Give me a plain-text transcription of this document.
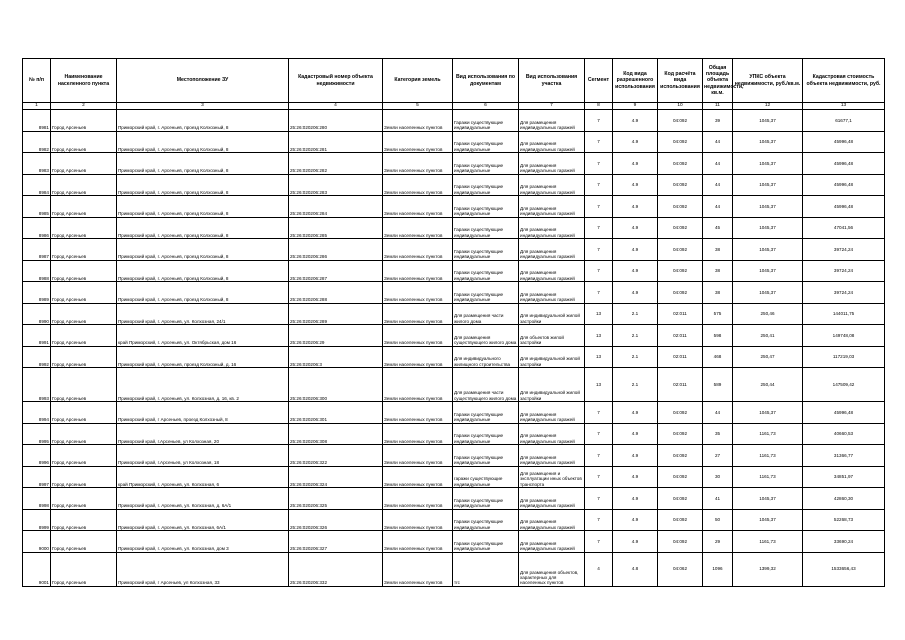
№ п/п	Наименование населенного пункта	Местоположение ЗУ	Кадастровый номер объекта недвижимости	Категория земель	Вид использования по документам	Вид использования участка	Сегмент	Код вида разрешенного использования	Код расчёта вида использования	Общая площадь объекта недвижимости, кв.м.	УПКС объекта недвижимости, руб./кв.м.	Кадастровая стоимость объекта недвижимости, руб.
1	2	3	4	5	6	7	8	9	10	11	12	13
8981	Город Арсеньев	Приморский край, г. Арсеньев, проезд Колхозный, 8	25:26:020206:280	Земли населенных пунктов	Гаражи существующие индивидуальные	Для размещения индивидуальных гаражей	7	4.9	04:092	39	1045,37	61677,1
8982	Город Арсеньев	Приморский край, г. Арсеньев, проезд Колхозный, 8	25:26:020206:281	Земли населенных пунктов	Гаражи существующие индивидуальные	Для размещения индивидуальных гаражей	7	4.9	04:092	44	1045,37	45996,48
8983	Город Арсеньев	Приморский край, г. Арсеньев, проезд Колхозный, 8	25:26:020206:282	Земли населенных пунктов	Гаражи существующие индивидуальные	Для размещения индивидуальных гаражей	7	4.9	04:092	44	1045,37	45996,48
8984	Город Арсеньев	Приморский край, г. Арсеньев, проезд Колхозный, 8	25:26:020206:283	Земли населенных пунктов	Гаражи существующие индивидуальные	Для размещения индивидуальных гаражей	7	4.9	04:092	44	1045,37	45996,48
8985	Город Арсеньев	Приморский край, г. Арсеньев, проезд Колхозный, 8	25:26:020206:284	Земли населенных пунктов	Гаражи существующие индивидуальные	Для размещения индивидуальных гаражей	7	4.9	04:092	44	1045,37	45996,48
8986	Город Арсеньев	Приморский край, г. Арсеньев, проезд Колхозный, 8	25:26:020206:285	Земли населенных пунктов	Гаражи существующие индивидуальные	Для размещения индивидуальных гаражей	7	4.9	04:092	45	1045,37	47041,56
8987	Город Арсеньев	Приморский край, г. Арсеньев, проезд Колхозный, 8	25:26:020206:286	Земли населенных пунктов	Гаражи существующие индивидуальные	Для размещения индивидуальных гаражей	7	4.9	04:092	38	1045,37	39724,24
8988	Город Арсеньев	Приморский край, г. Арсеньев, проезд Колхозный, 8	25:26:020206:287	Земли населенных пунктов	Гаражи существующие индивидуальные	Для размещения индивидуальных гаражей	7	4.9	04:092	38	1045,37	39724,24
8989	Город Арсеньев	Приморский край, г. Арсеньев, проезд Колхозный, 8	25:26:020206:288	Земли населенных пунктов	Гаражи существующие индивидуальные	Для размещения индивидуальных гаражей	7	4.9	04:092	38	1045,37	39724,24
8990	Город Арсеньев	Приморский край, г. Арсеньев, ул. Колхозная, 24/1	25:26:020206:289	Земли населенных пунктов	Для размещения части жилого дома	Для индивидуальной жилой застройки	13	2.1	02:011	575	250,46	144011,75
8991	Город Арсеньев	край Приморский, г. Арсеньев, ул. Октябрьская, дом 16	25:26:020206:29	Земли населенных пунктов	Для размещения существующего жилого дома	Для объектов жилой застройки	13	2.1	02:011	598	250,41	149748,08
8992	Город Арсеньев	Приморский край, г. Арсеньев, проезд Колхозный, д. 16	25:26:020206:3	Земли населенных пунктов	Для индивидуального жилищного строительства	Для индивидуальной жилой застройки	13	2.1	02:011	468	250,47	117219,03
8993	Город Арсеньев	Приморский край, г. Арсеньев, ул. Колхозная, д. 16, кв. 2	25:26:020206:300	Земли населенных пунктов	Для размещения части существующего жилого дома	Для индивидуальной жилой застройки	13	2.1	02:011	589	250,44	147509,42
8994	Город Арсеньев	Приморский край, г Арсеньев, проезд Колхозный, 8	25:26:020206:301	Земли населенных пунктов	Гаражи существующие индивидуальные	Для размещения индивидуальных гаражей	7	4.9	04:092	44	1045,37	45996,48
8995	Город Арсеньев	Приморский край, г.Арсеньев, ул Колхозная, 20	25:26:020206:308	Земли населенных пунктов	Гаражи существующие индивидуальные	Для размещения индивидуальных гаражей	7	4.9	04:092	35	1161,73	40660,53
8996	Город Арсеньев	Приморский край, г.Арсеньев, ул Колхозная, 18	25:26:020206:322	Земли населенных пунктов	Гаражи существующие индивидуальные	Для размещения индивидуальных гаражей	7	4.9	04:092	27	1161,73	31366,77
8997	Город Арсеньев	край Приморский, г. Арсеньев, ул. Колхозная, 6	25:26:020206:324	Земли населенных пунктов	гаражи существующие индивидуальные	Для размещения и эксплуатации иных объектов транспорта	7	4.9	04:092	30	1161,73	34851,97
8998	Город Арсеньев	Приморский край, г. Арсеньев, ул. Колхозная, д. 6А/1	25:26:020206:325	Земли населенных пунктов	Гаражи существующие индивидуальные	Для размещения индивидуальных гаражей	7	4.9	04:092	41	1045,37	42860,30
8999	Город Арсеньев	Приморский край, г. Арсеньев, ул. Колхозная, 6А/1	25:26:020206:326	Земли населенных пунктов	Гаражи существующие индивидуальные	Для размещения индивидуальных гаражей	7	4.9	04:092	50	1045,37	52268,73
9000	Город Арсеньев	Приморский край, г. Арсеньев, ул. Колхозная, дом 3	25:26:020206:327	Земли населенных пунктов	Гаражи существующие индивидуальные	Для размещения индивидуальных гаражей	7	4.9	04:092	29	1161,73	33690,24
9001	Город Арсеньев	Приморский край, г Арсеньев, ул Колхозная, 33	25:26:020206:332	Земли населенных пунктов	тгс	Для размещения объектов, характерных для населенных пунктов	4	4.8	04:062	1096	1399,32	1533656,43
